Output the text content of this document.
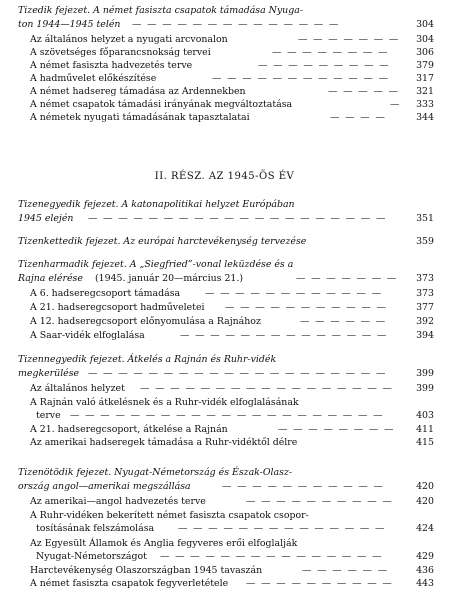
Tizedik fejezet. A német fasiszta csapatok támadása Nyuga-
ton 1944—1945 telén — — — — — — — — — — — — — —	304
Az általános helyzet a nyugati arcvonalon	— — — — — — —	304
A szövetséges főparancsnokság tervei	— — — — — — — —	306
A német fasiszta hadvezetés terve	— — — — — — — — —	379
A hadművelet előkészítése	— — — — — — — — — — — —	317
A német hadsereg támadása az Ardennekben	— — — — —	321
A német csapatok támadási irányának megváltoztatása	—	333
A németek nyugati támadásának tapasztalatai	— — — —	344
II. RÉSZ. AZ 1945-ÖS ÉV
Tizenegyedik fejezet. A katonapolitikai helyzet Európában
1945 elején — — — — — — — — — — — — — — — — — — — —	351
Tizenkettedik fejezet. Az európai harctevékenység tervezése	359
Tizenharmadik fejezet. A „Siegfried”-vonal leküzdése és a
Rajna elérése (1945. január 20—március 21.)	— — — — — — —	373
A 6. hadseregcsoport támadása	— — — — — — — — — — — —	373
A 21. hadseregcsoport hadműveletei — — — — — — — — — — —	377
A 12. hadseregcsoport előnyomulása a Rajnához	— — — — — —	392
A Saar-vidék elfoglalása	— — — — — — — — — — — — — —	394
Tizennegyedik fejezet. Átkelés a Rajnán és Ruhr-vidék
megkerülése — — — — — — — — — — — — — — — — — — — —	399
Az általános helyzet — — — — — — — — — — — — — — — — —	399
A Rajnán való átkelésnek és a Ruhr-vidék elfoglalásának
terve — — — — — — — — — — — — — — — — — — — — —	403
A 21. hadseregcsoport, átkelése a Rajnán	— — — — — — — —	411
Az amerikai hadseregek támadása a Ruhr-vidéktől délre	415
Tizenötödik fejezet. Nyugat-Németország és Észak-Olasz-
ország angol—amerikai megszállása	— — — — — — — — — — —	420
Az amerikai—angol hadvezetés terve	— — — — — — — — — —	420
A Ruhr-vidéken bekerített német fasiszta csapatok csopor-
tosításának felszámolása	— — — — — — — — — — — — — —	424
Az Egyesült Államok és Anglia fegyveres erői elfoglalják
Nyugat-Németországot — — — — — — — — — — — — — — —	429
Harctevékenység Olaszországban 1945 tavaszán	— — — — — —	436
A német fasiszta csapatok fegyverletétele — — — — — — — — — —	443
